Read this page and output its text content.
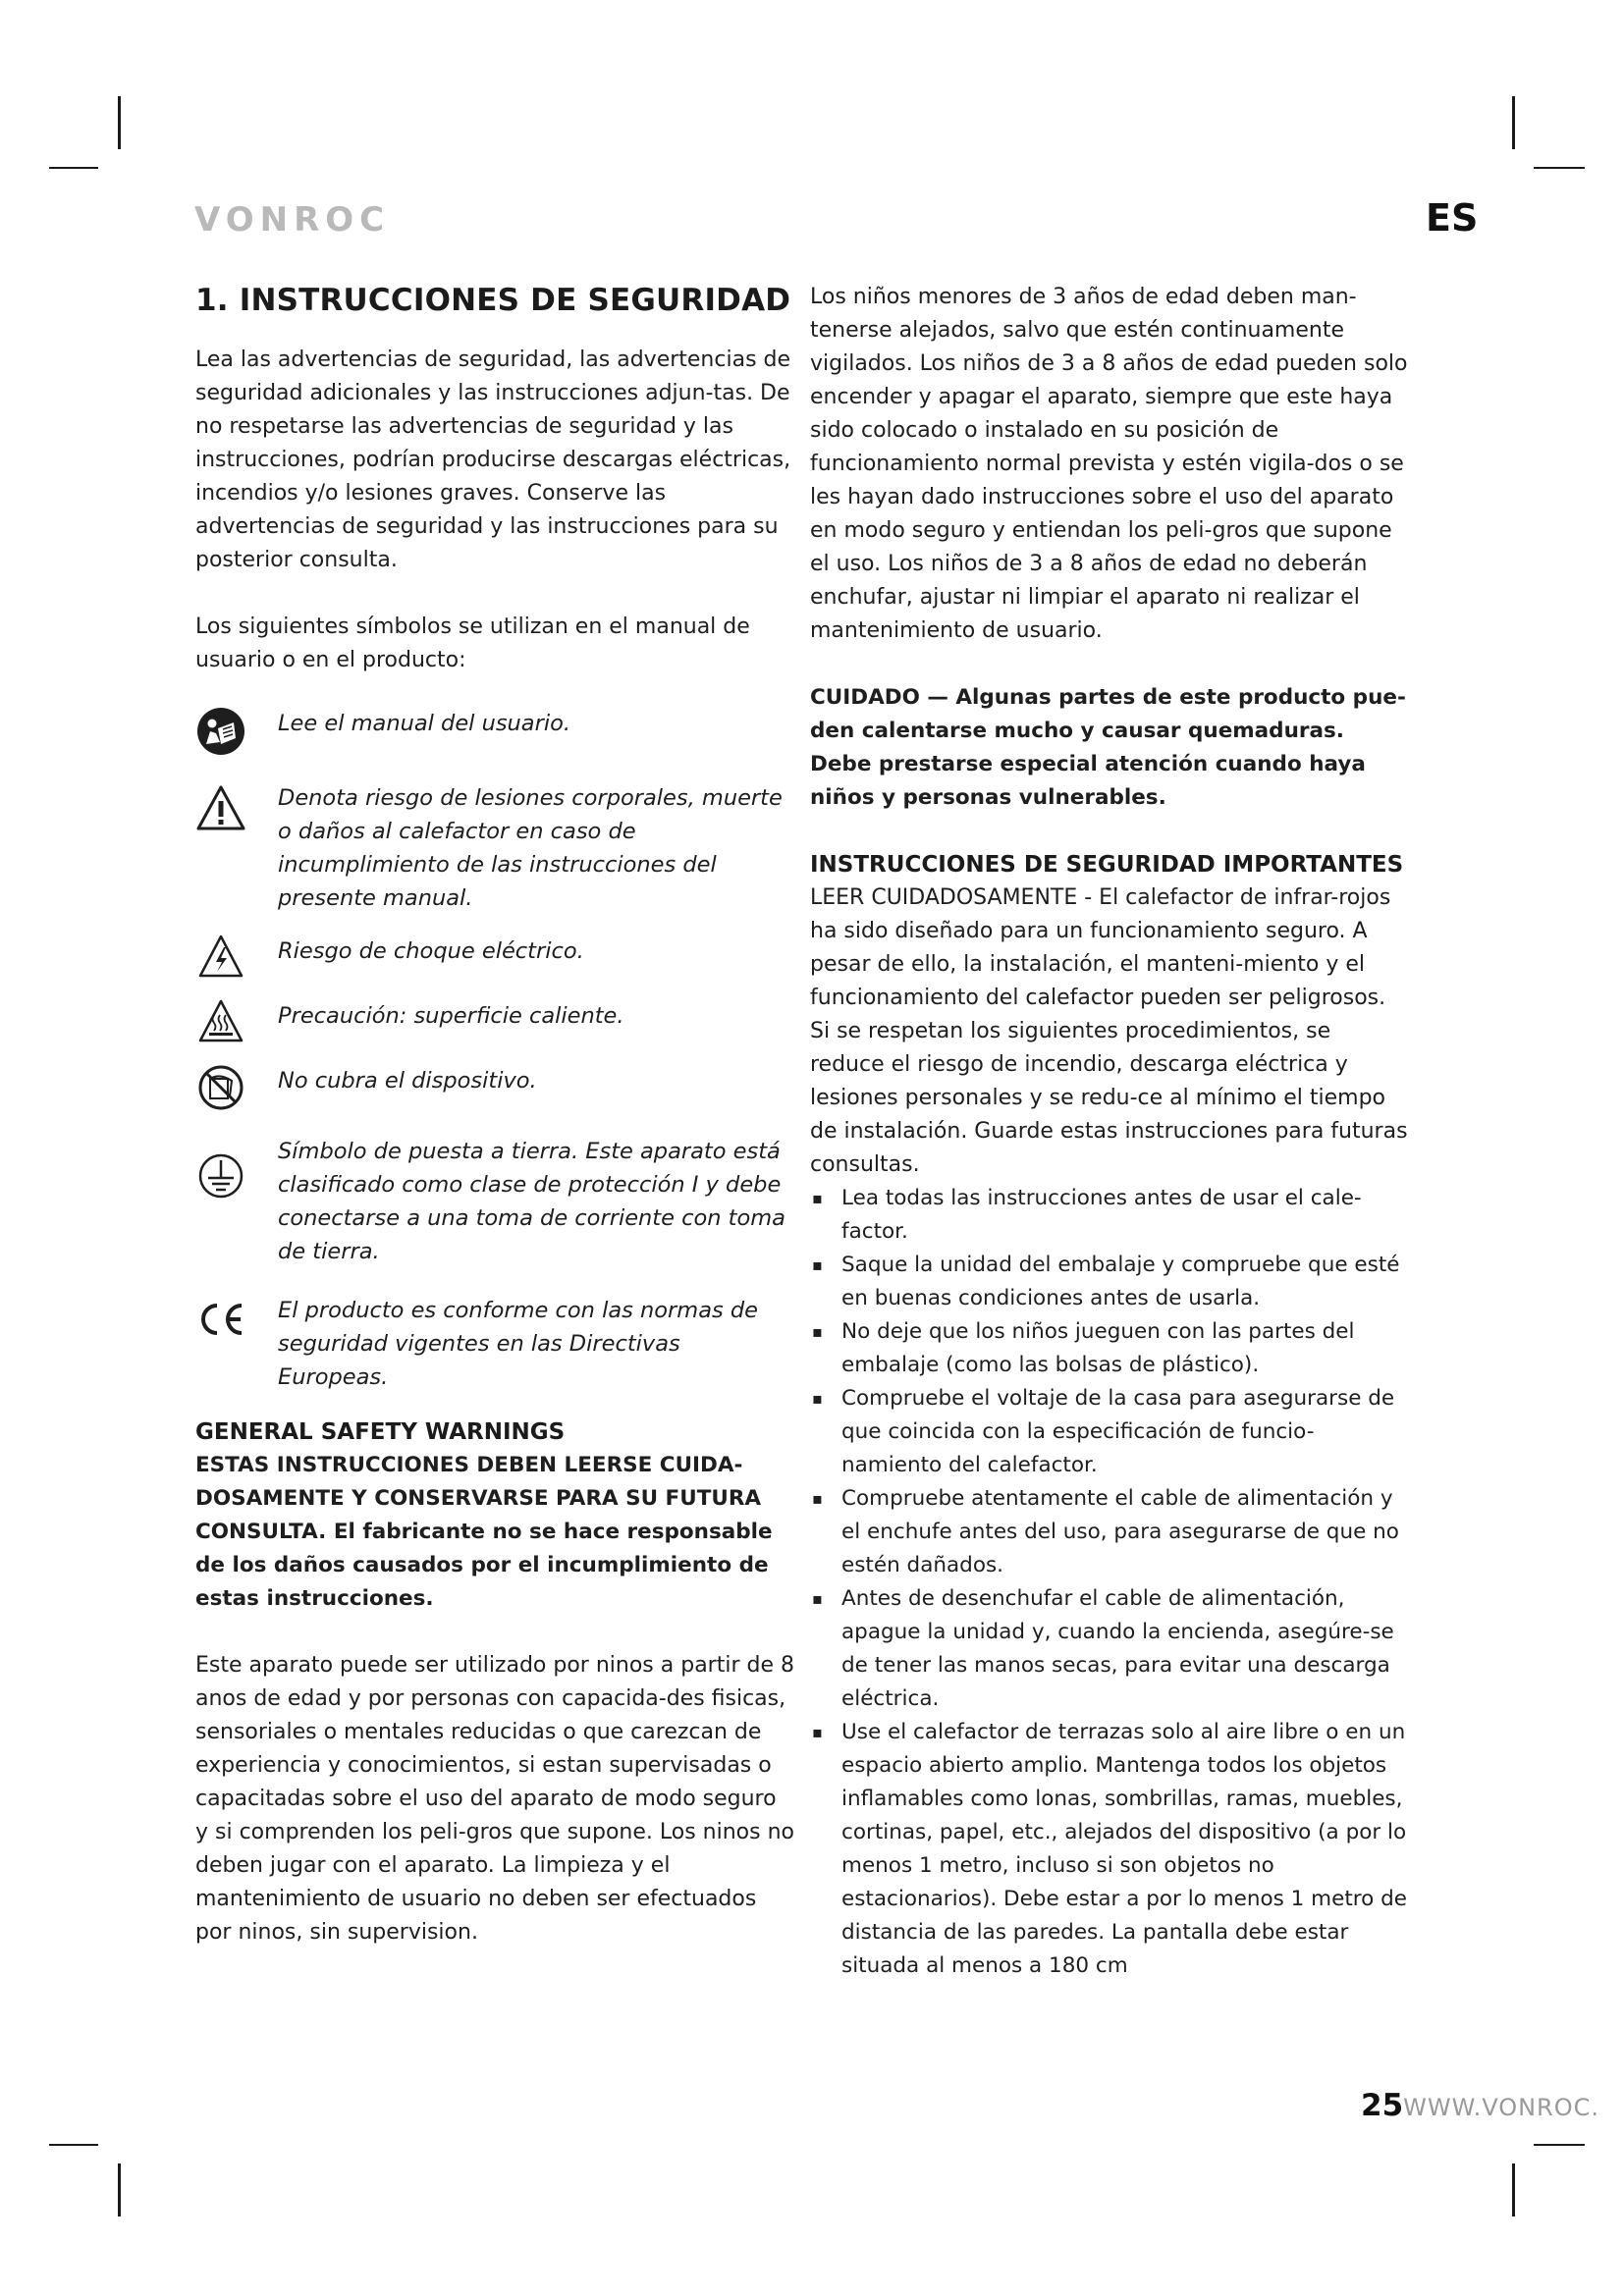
VONROC	ES
1. INSTRUCCIONES DE SEGURIDAD

Lea las advertencias de seguridad, las advertencias de seguridad adicionales y las instrucciones adjun-tas. De no respetarse las advertencias de seguridad y las instrucciones, podrían producirse descargas eléctricas, incendios y/o lesiones graves. Conserve las advertencias de seguridad y las instrucciones para su posterior consulta.

Los siguientes símbolos se utilizan en el manual de usuario o en el producto:

Lee el manual del usuario.
Denota riesgo de lesiones corporales, muerte o daños al calefactor en caso de incumplimiento de las instrucciones del presente manual.
Riesgo de choque eléctrico.
Precaución: superficie caliente.
No cubra el dispositivo.
Símbolo de puesta a tierra. Este aparato está clasificado como clase de protección I y debe conectarse a una toma de corriente con toma de tierra.
El producto es conforme con las normas de seguridad vigentes en las Directivas Europeas.
GENERAL SAFETY WARNINGS

ESTAS INSTRUCCIONES DEBEN LEERSE CUIDA-DOSAMENTE Y CONSERVARSE PARA SU FUTURA CONSULTA. El fabricante no se hace responsable de los daños causados por el incumplimiento de estas instrucciones.

Este aparato puede ser utilizado por ninos a partir de 8 anos de edad y por personas con capacida-des fisicas, sensoriales o mentales reducidas o que carezcan de experiencia y conocimientos, si estan supervisadas o capacitadas sobre el uso del aparato de modo seguro y si comprenden los peli-gros que supone. Los ninos no deben jugar con el aparato. La limpieza y el mantenimiento de usuario no deben ser efectuados por ninos, sin supervision.

Los niños menores de 3 años de edad deben man-tenerse alejados, salvo que estén continuamente vigilados. Los niños de 3 a 8 años de edad pueden solo encender y apagar el aparato, siempre que este haya sido colocado o instalado en su posición de funcionamiento normal prevista y estén vigila-dos o se les hayan dado instrucciones sobre el uso del aparato en modo seguro y entiendan los peli-gros que supone el uso. Los niños de 3 a 8 años de edad no deberán enchufar, ajustar ni limpiar el aparato ni realizar el mantenimiento de usuario.

CUIDADO — Algunas partes de este producto pue-den calentarse mucho y causar quemaduras. Debe prestarse especial atención cuando haya niños y personas vulnerables.

INSTRUCCIONES DE SEGURIDAD IMPORTANTES

LEER CUIDADOSAMENTE - El calefactor de infrar-rojos ha sido diseñado para un funcionamiento seguro. A pesar de ello, la instalación, el manteni-miento y el funcionamiento del calefactor pueden ser peligrosos. Si se respetan los siguientes procedimientos, se reduce el riesgo de incendio, descarga eléctrica y lesiones personales y se redu-ce al mínimo el tiempo de instalación. Guarde estas instrucciones para futuras consultas.

▪ Lea todas las instrucciones antes de usar el cale-factor.
▪ Saque la unidad del embalaje y compruebe que esté en buenas condiciones antes de usarla.
▪ No deje que los niños jueguen con las partes del embalaje (como las bolsas de plástico).
▪ Compruebe el voltaje de la casa para asegurarse de que coincida con la especificación de funcio-namiento del calefactor.
▪ Compruebe atentamente el cable de alimentación y el enchufe antes del uso, para asegurarse de que no estén dañados.
▪ Antes de desenchufar el cable de alimentación, apague la unidad y, cuando la encienda, asegúre-se de tener las manos secas, para evitar una descarga eléctrica.
▪ Use el calefactor de terrazas solo al aire libre o en un espacio abierto amplio. Mantenga todos los objetos inflamables como lonas, sombrillas, ramas, muebles, cortinas, papel, etc., alejados del dispositivo (a por lo menos 1 metro, incluso si son objetos no estacionarios). Debe estar a por lo menos 1 metro de distancia de las paredes. La pantalla debe estar situada al menos a 180 cm
25WWW.VONROC.
